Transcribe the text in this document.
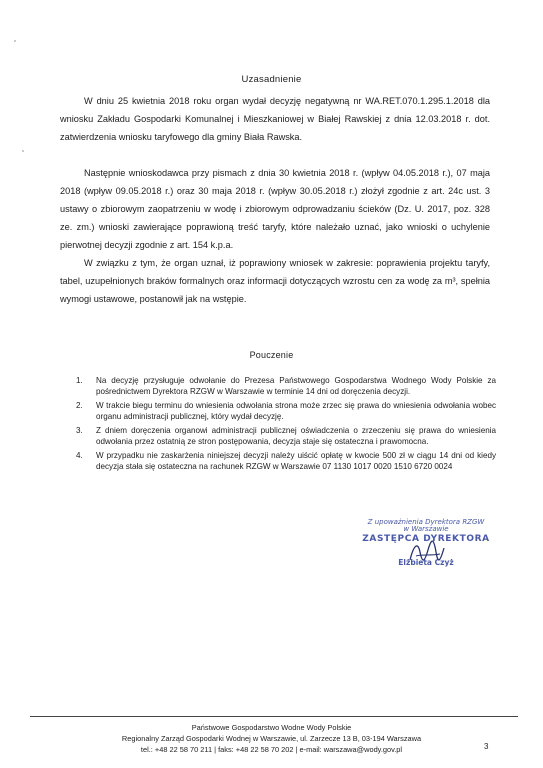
Uzasadnienie
W dniu 25 kwietnia 2018 roku organ wydał decyzję negatywną nr WA.RET.070.1.295.1.2018 dla wniosku Zakładu Gospodarki Komunalnej i Mieszkaniowej w Białej Rawskiej z dnia 12.03.2018 r. dot. zatwierdzenia wniosku taryfowego dla gminy Biała Rawska.
Następnie wnioskodawca przy pismach z dnia 30 kwietnia 2018 r. (wpływ 04.05.2018 r.), 07 maja 2018 (wpływ 09.05.2018 r.) oraz 30 maja 2018 r. (wpływ 30.05.2018 r.) złożył zgodnie z art. 24c ust. 3 ustawy o zbiorowym zaopatrzeniu w wodę i zbiorowym odprowadzaniu ścieków (Dz. U. 2017, poz. 328 ze. zm.) wnioski zawierające poprawioną treść taryfy, które należało uznać, jako wnioski o uchylenie pierwotnej decyzji zgodnie z art. 154 k.p.a.
W związku z tym, że organ uznał, iż poprawiony wniosek w zakresie: poprawienia projektu taryfy, tabel, uzupełnionych braków formalnych oraz informacji dotyczących wzrostu cen za wodę za m³, spełnia wymogi ustawowe, postanowił jak na wstępie.
Pouczenie
1. Na decyzję przysługuje odwołanie do Prezesa Państwowego Gospodarstwa Wodnego Wody Polskie za pośrednictwem Dyrektora RZGW w Warszawie w terminie 14 dni od doręczenia decyzji.
2. W trakcie biegu terminu do wniesienia odwołania strona może zrzec się prawa do wniesienia odwołania wobec organu administracji publicznej, który wydał decyzję.
3. Z dniem doręczenia organowi administracji publicznej oświadczenia o zrzeczeniu się prawa do wniesienia odwołania przez ostatnią ze stron postępowania, decyzja staje się ostateczna i prawomocna.
4. W przypadku nie zaskarżenia niniejszej decyzji należy uiścić opłatę w kwocie 500 zł w ciągu 14 dni od kiedy decyzja stała się ostateczna na rachunek RZGW w Warszawie 07 1130 1017 0020 1510 6720 0024
Z upoważnienia Dyrektora RZGW
w Warszawie
ZASTĘPCA DYREKTORA
Elżbieta Czyż
Państwowe Gospodarstwo Wodne Wody Polskie
Regionalny Zarząd Gospodarki Wodnej w Warszawie, ul. Zarzecze 13 B, 03-194 Warszawa
tel.: +48 22 58 70 211 | faks: +48 22 58 70 202 | e-mail: warszawa@wody.gov.pl	3
